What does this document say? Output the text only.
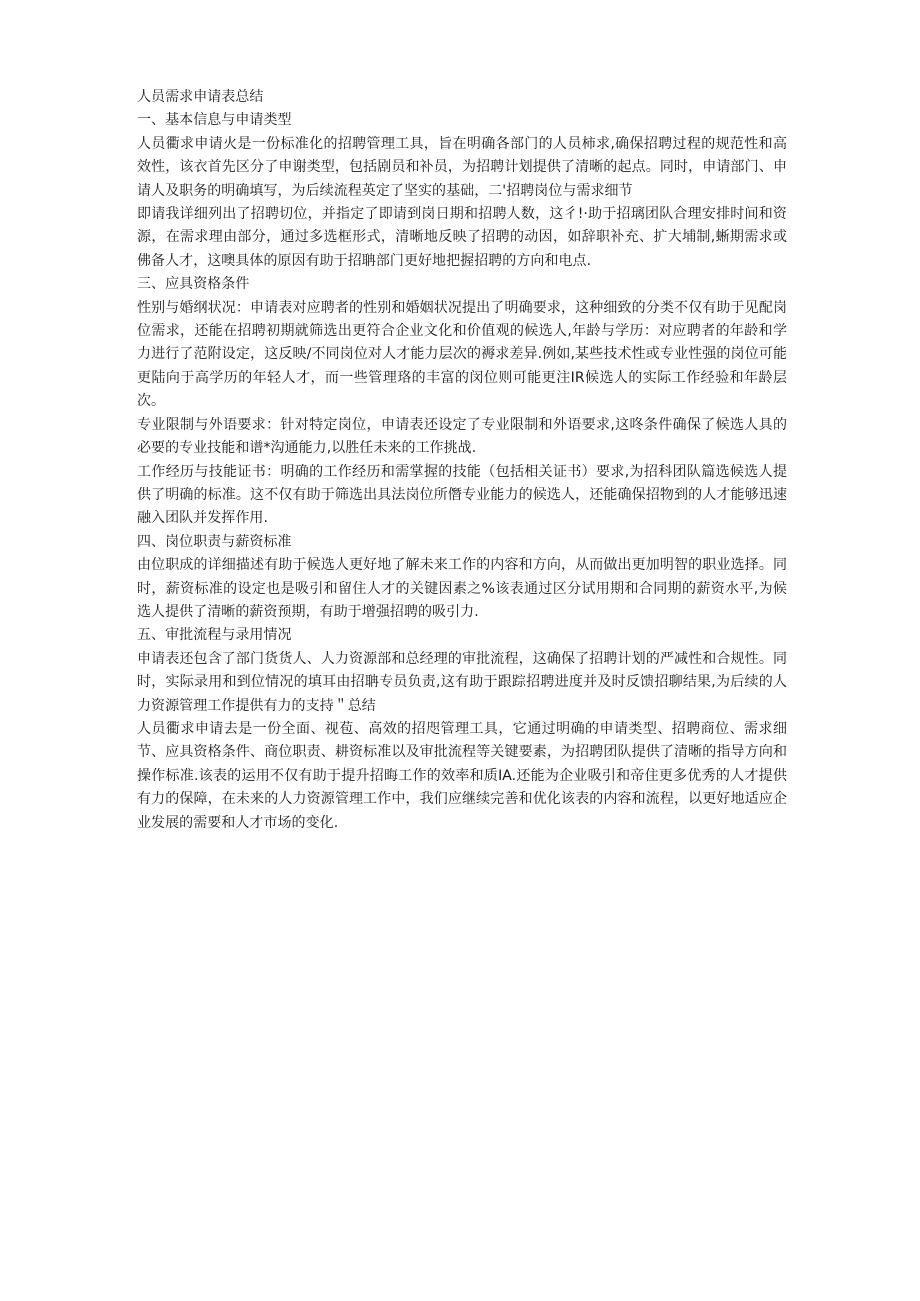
人员需求申请表总结

一、基本信息与申请类型

人员衢求申请火是一份标准化的招聘管理工具，旨在明确各部门的人员柿求,确保招聘过程的规范性和高效性，该衣首先区分了申谢类型，包括剧员和补员，为招聘计划提供了清晰的起点。同时，申请部门、申请人及职务的明确填写，为后续流程英定了坚实的基础，二'招聘岗位与需求细节

即请我详细列出了招聘切位，并指定了即请到岗日期和招聘人数，这彳!·助于招璃团队合理安排时间和资源，在需求理由部分，通过多选框形式，清晰地反映了招聘的动因，如辞职补充、扩大埔制,蜥期需求或佛备人才，这噢具体的原因有助于招聃部门更好地把握招聘的方向和电点.

三、应具资格条件

性别与婚纲状况：申请表对应聘者的性别和婚姻状况提出了明确要求，这种细致的分类不仅有助于见配岗位需求，还能在招聘初期就筛选出更符合企业文化和价值观的候选人,年龄与学历：对应聘者的年龄和学力进行了范附设定，这反映/不同岗位对人才能力层次的褥求差异.例如,某些技术性或专业性强的岗位可能更陆向于高学历的年轻人才，而一些管理珞的丰富的闵位则可能更注IR候选人的实际工作经验和年龄层次。

专业限制与外语要求：针对特定岗位，申请表还设定了专业限制和外语要求,这咚条件确保了候选人具的必要的专业技能和谱*沟通能力,以胜任未来的工作挑战.

工作经历与技能证书：明确的工作经历和需掌握的技能（包括相关证书）要求,为招科团队篇选候选人提供了明确的标准。这不仅有助于筛选出具法岗位所僭专业能力的候选人，还能确保招物到的人才能够迅速融入团队并发挥作用.

四、岗位职责与薪资标准

由位职成的详细描述有助于候选人更好地了解未来工作的内容和方向，从而做出更加明智的职业选择。同时，薪资标准的设定也是吸引和留住人才的关键因素之%该表通过区分试用期和合同期的薪资水平,为候选人提供了清晰的薪资预期，有助于增强招聘的吸引力.

五、审批流程与录用情况

申请表还包含了部门货货人、人力资源部和总经理的审批流程，这确保了招聘计划的严减性和合规性。同时，实际录用和到位情况的填耳由招聃专员负责,这有助于跟踪招聘进度并及时反馈招聊结果,为后续的人力资源管理工作提供有力的支持＂总结

人员衢求申请去是一份全面、视苞、高效的招咫管理工具，它通过明确的申请类型、招聘商位、需求细节、应具资格条件、商位职责、耕资标准以及审批流程等关键要素，为招聘团队提供了清晰的指导方向和操作标准.该表的运用不仅有助于提升招晦工作的效率和质IA.还能为企业吸引和帝住更多优秀的人才提供有力的保障，在未来的人力资源管理工作中，我们应继续完善和优化该表的内容和流程，以更好地适应企业发展的需要和人才市场的变化.
